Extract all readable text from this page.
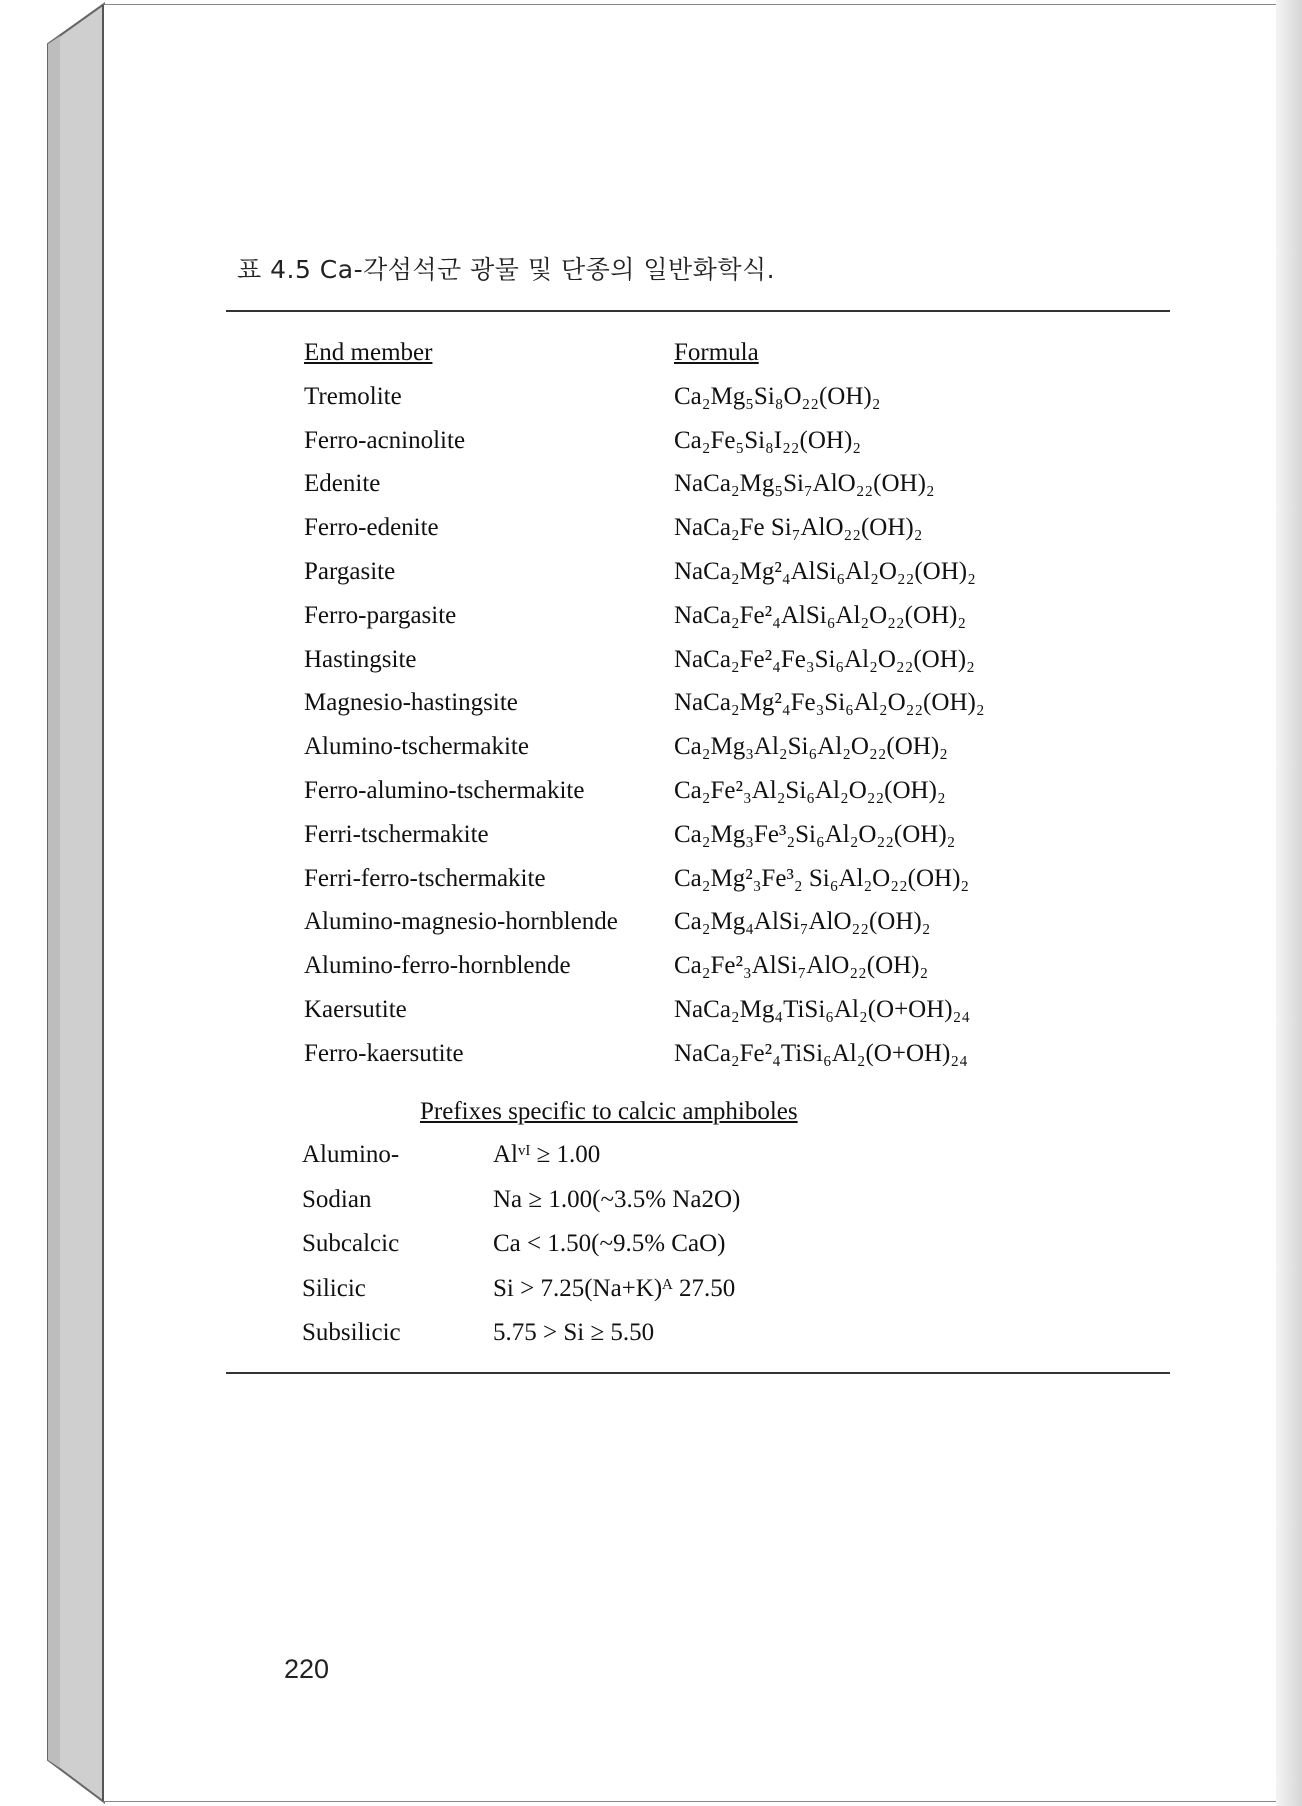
표 4.5 Ca-각섬석군 광물 및 단종의 일반화학식.
End member	Formula
Tremolite	Ca₂Mg₅Si₈O₂₂(OH)₂
Ferro-acninolite	Ca₂Fe₅Si₈I₂₂(OH)₂
Edenite	NaCa₂Mg₅Si₇AlO₂₂(OH)₂
Ferro-edenite	NaCa₂Fe Si₇AlO₂₂(OH)₂
Pargasite	NaCa₂Mg²₄AlSi₆Al₂O₂₂(OH)₂
Ferro-pargasite	NaCa₂Fe²₄AlSi₆Al₂O₂₂(OH)₂
Hastingsite	NaCa₂Fe²₄Fe₃Si₆Al₂O₂₂(OH)₂
Magnesio-hastingsite	NaCa₂Mg²₄Fe₃Si₆Al₂O₂₂(OH)₂
Alumino-tschermakite	Ca₂Mg₃Al₂Si₆Al₂O₂₂(OH)₂
Ferro-alumino-tschermakite	Ca₂Fe²₃Al₂Si₆Al₂O₂₂(OH)₂
Ferri-tschermakite	Ca₂Mg₃Fe³₂Si₆Al₂O₂₂(OH)₂
Ferri-ferro-tschermakite	Ca₂Mg²₃Fe³₂ Si₆Al₂O₂₂(OH)₂
Alumino-magnesio-hornblende Ca₂Mg₄AlSi₇AlO₂₂(OH)₂
Alumino-ferro-hornblende	Ca₂Fe²₃AlSi₇AlO₂₂(OH)₂
Kaersutite	NaCa₂Mg₄TiSi₆Al₂(O+OH)₂₄
Ferro-kaersutite	NaCa₂Fe²₄TiSi₆Al₂(O+OH)₂₄
Prefixes specific to calcic amphiboles
Alumino-	Alᵛᴵ ≥ 1.00
Sodian	Na ≥ 1.00(~3.5% Na2O)
Subcalcic	Ca < 1.50(~9.5% CaO)
Silicic	Si > 7.25(Na+K)ᴬ 27.50
Subsilicic	5.75 > Si ≥ 5.50
220
